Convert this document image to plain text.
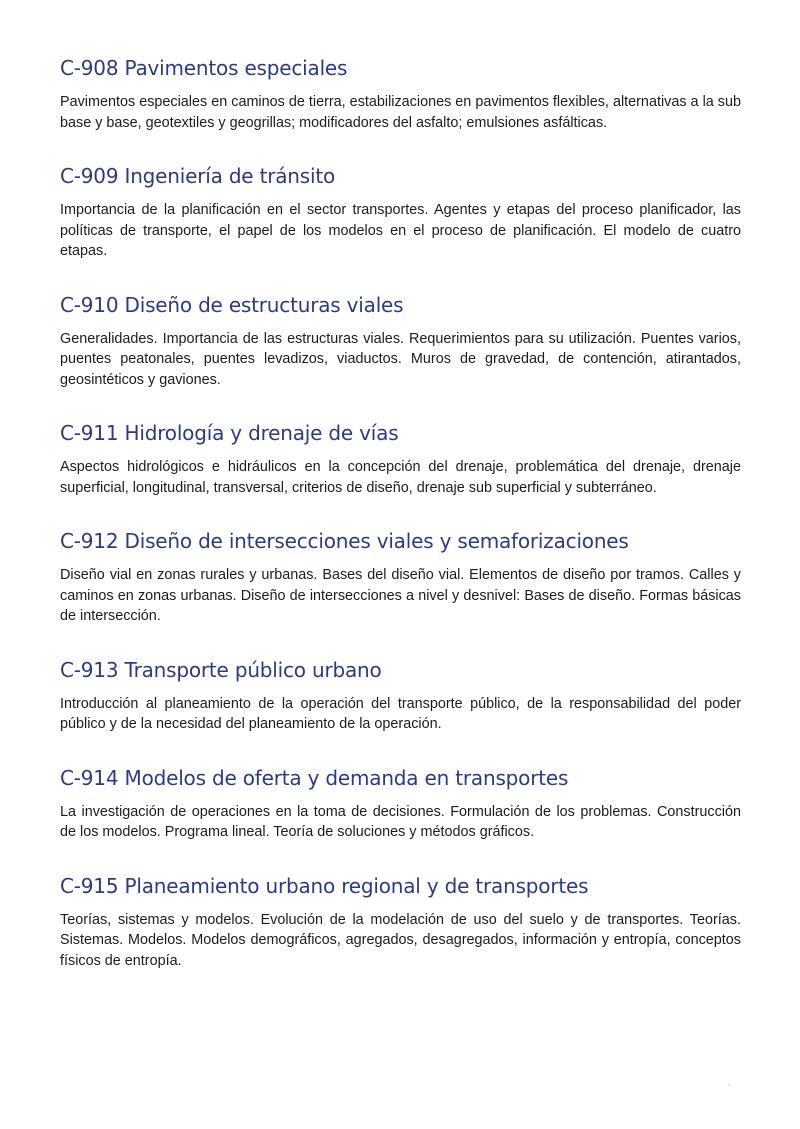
C-908 Pavimentos especiales

Pavimentos especiales en caminos de tierra, estabilizaciones en pavimentos flexibles, alternativas a la sub base y base, geotextiles y geogrillas; modificadores del asfalto; emulsiones asfálticas.

C-909 Ingeniería de tránsito

Importancia de la planificación en el sector transportes. Agentes y etapas del proceso planificador, las políticas de transporte, el papel de los modelos en el proceso de planificación. El modelo de cuatro etapas.

C-910 Diseño de estructuras viales

Generalidades. Importancia de las estructuras viales. Requerimientos para su utilización. Puentes varios, puentes peatonales, puentes levadizos, viaductos. Muros de gravedad, de contención, atirantados, geosintéticos y gaviones.

C-911 Hidrología y drenaje de vías

Aspectos hidrológicos e hidráulicos en la concepción del drenaje, problemática del drenaje, drenaje superficial, longitudinal, transversal, criterios de diseño, drenaje sub superficial y subterráneo.

C-912 Diseño de intersecciones viales y semaforizaciones

Diseño vial en zonas rurales y urbanas. Bases del diseño vial. Elementos de diseño por tramos. Calles y caminos en zonas urbanas. Diseño de intersecciones a nivel y desnivel: Bases de diseño. Formas básicas de intersección.

C-913 Transporte público urbano

Introducción al planeamiento de la operación del transporte público, de la responsabilidad del poder público y de la necesidad del planeamiento de la operación.

C-914 Modelos de oferta y demanda en transportes

La investigación de operaciones en la toma de decisiones. Formulación de los problemas. Construcción de los modelos. Programa lineal. Teoría de soluciones y métodos gráficos.

C-915 Planeamiento urbano regional y de transportes

Teorías, sistemas y modelos. Evolución de la modelación de uso del suelo y de transportes. Teorías. Sistemas. Modelos. Modelos demográficos, agregados, desagregados, información y entropía, conceptos físicos de entropía.

-
